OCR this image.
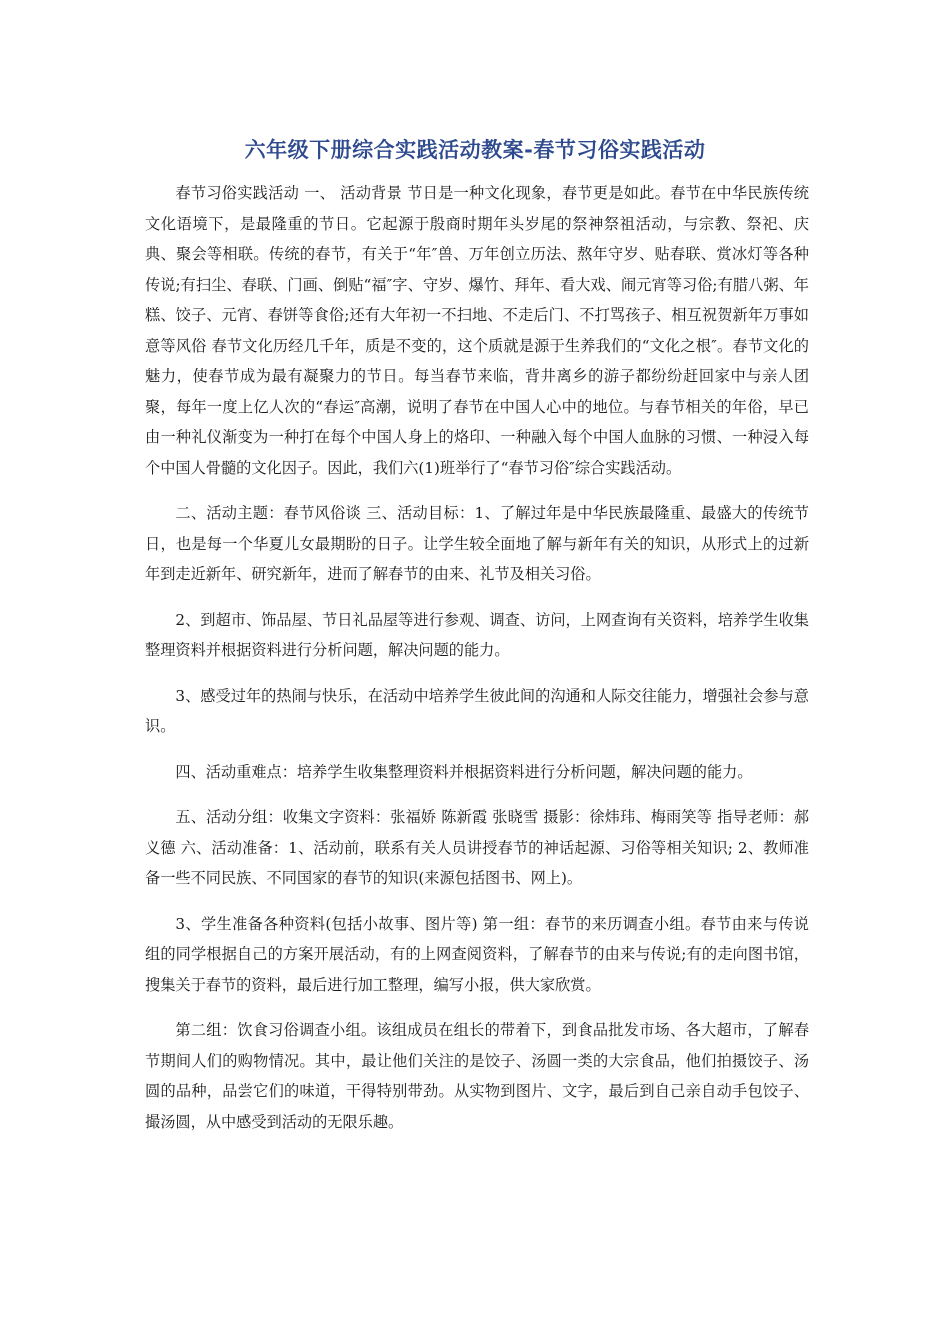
六年级下册综合实践活动教案-春节习俗实践活动

春节习俗实践活动 一、 活动背景 节日是一种文化现象，春节更是如此。春节在中华民族传统文化语境下，是最隆重的节日。它起源于殷商时期年头岁尾的祭神祭祖活动，与宗教、祭祀、庆典、聚会等相联。传统的春节，有关于“年″兽、万年创立历法、熬年守岁、贴春联、赏冰灯等各种传说;有扫尘、春联、门画、倒贴“福″字、守岁、爆竹、拜年、看大戏、闹元宵等习俗;有腊八粥、年糕、饺子、元宵、春饼等食俗;还有大年初一不扫地、不走后门、不打骂孩子、相互祝贺新年万事如意等风俗 春节文化历经几千年，质是不变的，这个质就是源于生养我们的“文化之根″。春节文化的魅力，使春节成为最有凝聚力的节日。每当春节来临，背井离乡的游子都纷纷赶回家中与亲人团聚，每年一度上亿人次的“春运″高潮，说明了春节在中国人心中的地位。与春节相关的年俗，早已由一种礼仪渐变为一种打在每个中国人身上的烙印、一种融入每个中国人血脉的习惯、一种浸入每个中国人骨髓的文化因子。因此，我们六(1)班举行了“春节习俗″综合实践活动。

二、活动主题：春节风俗谈 三、活动目标：1、了解过年是中华民族最隆重、最盛大的传统节日，也是每一个华夏儿女最期盼的日子。让学生较全面地了解与新年有关的知识，从形式上的过新年到走近新年、研究新年，进而了解春节的由来、礼节及相关习俗。

2、到超市、饰品屋、节日礼品屋等进行参观、调查、访问，上网查询有关资料，培养学生收集整理资料并根据资料进行分析问题，解决问题的能力。

3、感受过年的热闹与快乐，在活动中培养学生彼此间的沟通和人际交往能力，增强社会参与意识。

四、活动重难点：培养学生收集整理资料并根据资料进行分析问题，解决问题的能力。

五、活动分组：收集文字资料：张福娇 陈新霞 张晓雪 摄影：徐炜玮、梅雨笑等 指导老师：郝义德 六、活动准备：1、活动前，联系有关人员讲授春节的神话起源、习俗等相关知识; 2、教师准备一些不同民族、不同国家的春节的知识(来源包括图书、网上)。

3、学生准备各种资料(包括小故事、图片等) 第一组：春节的来历调查小组。春节由来与传说组的同学根据自己的方案开展活动，有的上网查阅资料，了解春节的由来与传说;有的走向图书馆，搜集关于春节的资料，最后进行加工整理，编写小报，供大家欣赏。

第二组：饮食习俗调查小组。该组成员在组长的带着下，到食品批发市场、各大超市，了解春节期间人们的购物情况。其中，最让他们关注的是饺子、汤圆一类的大宗食品，他们拍摄饺子、汤圆的品种，品尝它们的味道，干得特别带劲。从实物到图片、文字，最后到自己亲自动手包饺子、撮汤圆，从中感受到活动的无限乐趣。
